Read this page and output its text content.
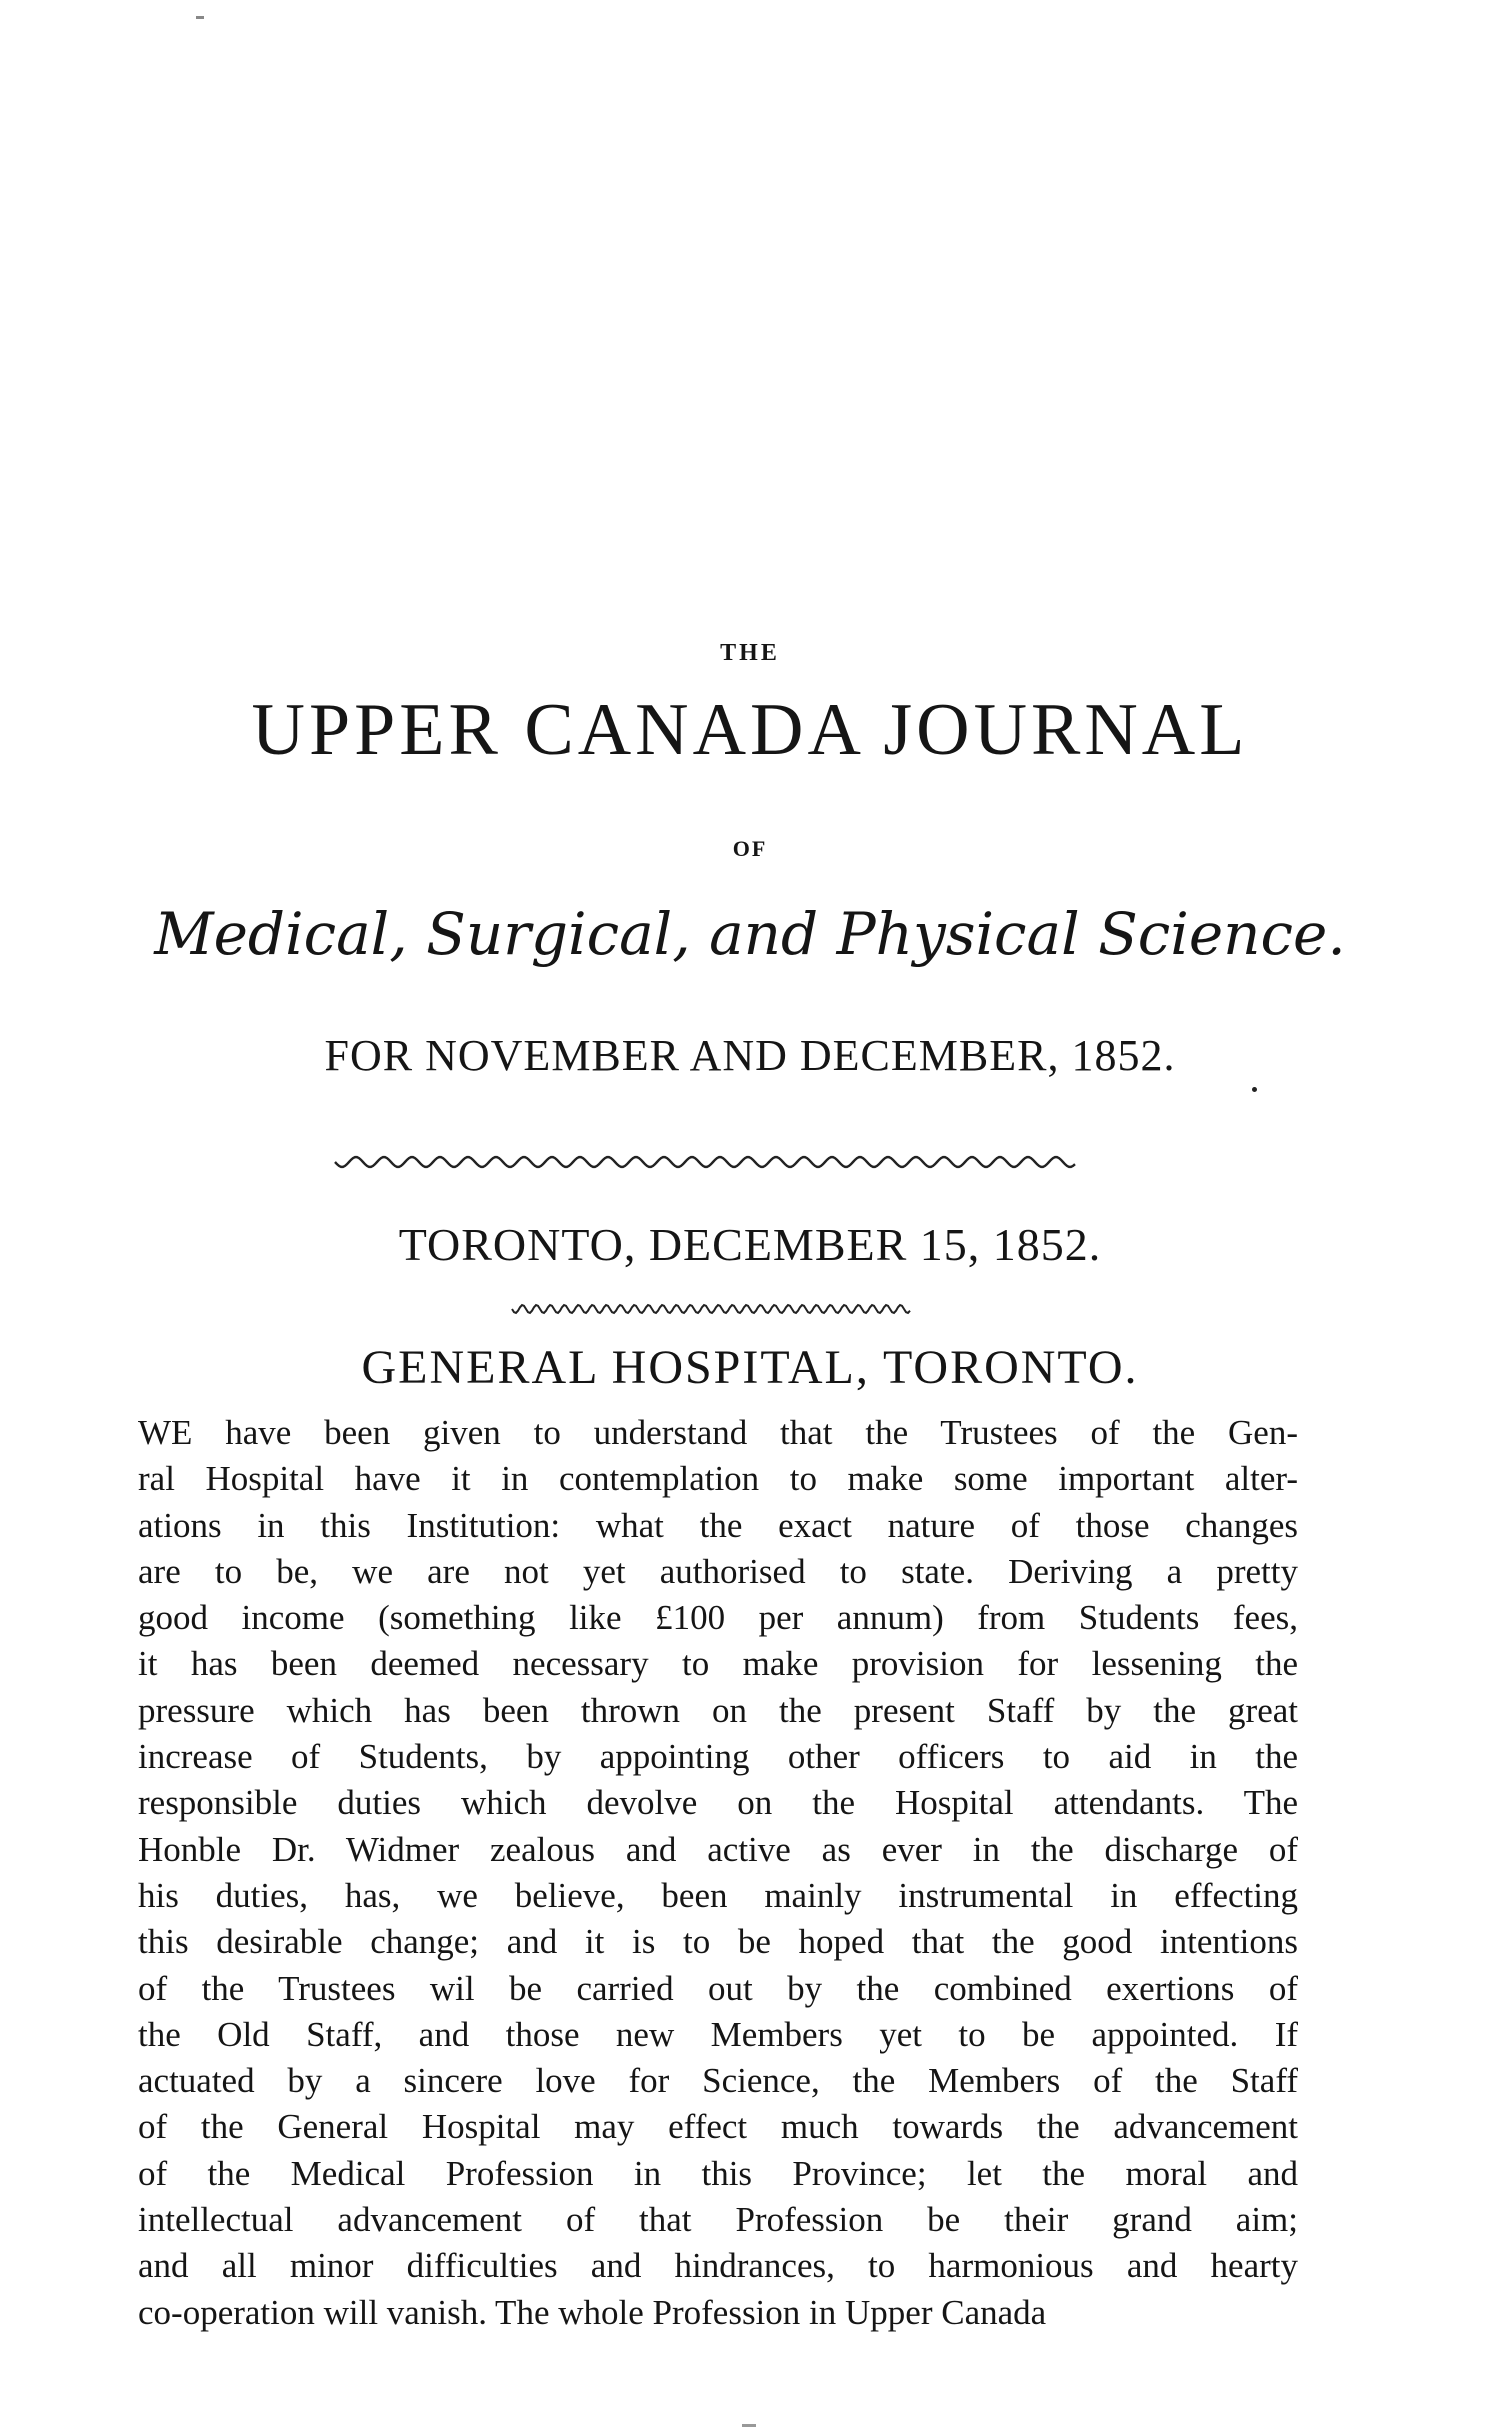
THE
UPPER CANADA JOURNAL
OF
Medical, Surgical, and Physical Science.
FOR NOVEMBER AND DECEMBER, 1852.
TORONTO, DECEMBER 15, 1852.
GENERAL HOSPITAL, TORONTO.
WE have been given to understand that the Trustees of the Gen-
ral Hospital have it in contemplation to make some important alter-
ations in this Institution: what the exact nature of those changes
are to be, we are not yet authorised to state. Deriving a pretty
good income (something like £100 per annum) from Students fees,
it has been deemed necessary to make provision for lessening the
pressure which has been thrown on the present Staff by the great
increase of Students, by appointing other officers to aid in the
responsible duties which devolve on the Hospital attendants. The
Honble Dr. Widmer zealous and active as ever in the discharge of
his duties, has, we believe, been mainly instrumental in effecting
this desirable change; and it is to be hoped that the good intentions
of the Trustees wil be carried out by the combined exertions of
the Old Staff, and those new Members yet to be appointed. If
actuated by a sincere love for Science, the Members of the Staff
of the General Hospital may effect much towards the advancement
of the Medical Profession in this Province; let the moral and
intellectual advancement of that Profession be their grand aim;
and all minor difficulties and hindrances, to harmonious and hearty
co-operation will vanish. The whole Profession in Upper Canada
